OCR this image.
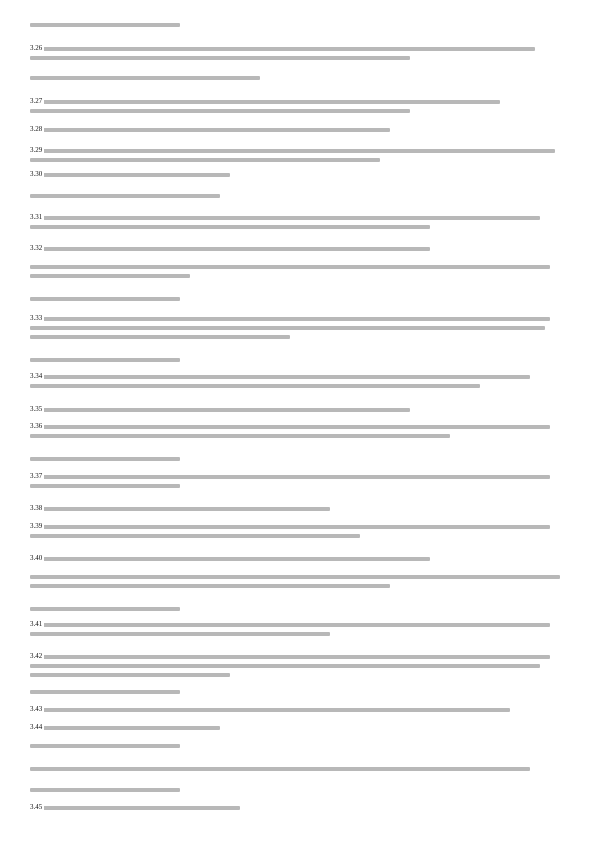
3.26
3.27
3.28
3.29
3.30
3.31
3.32
3.33
3.34
3.35
3.36
3.37
3.38
3.39
3.40
3.41
3.42
3.43
3.44
3.45
